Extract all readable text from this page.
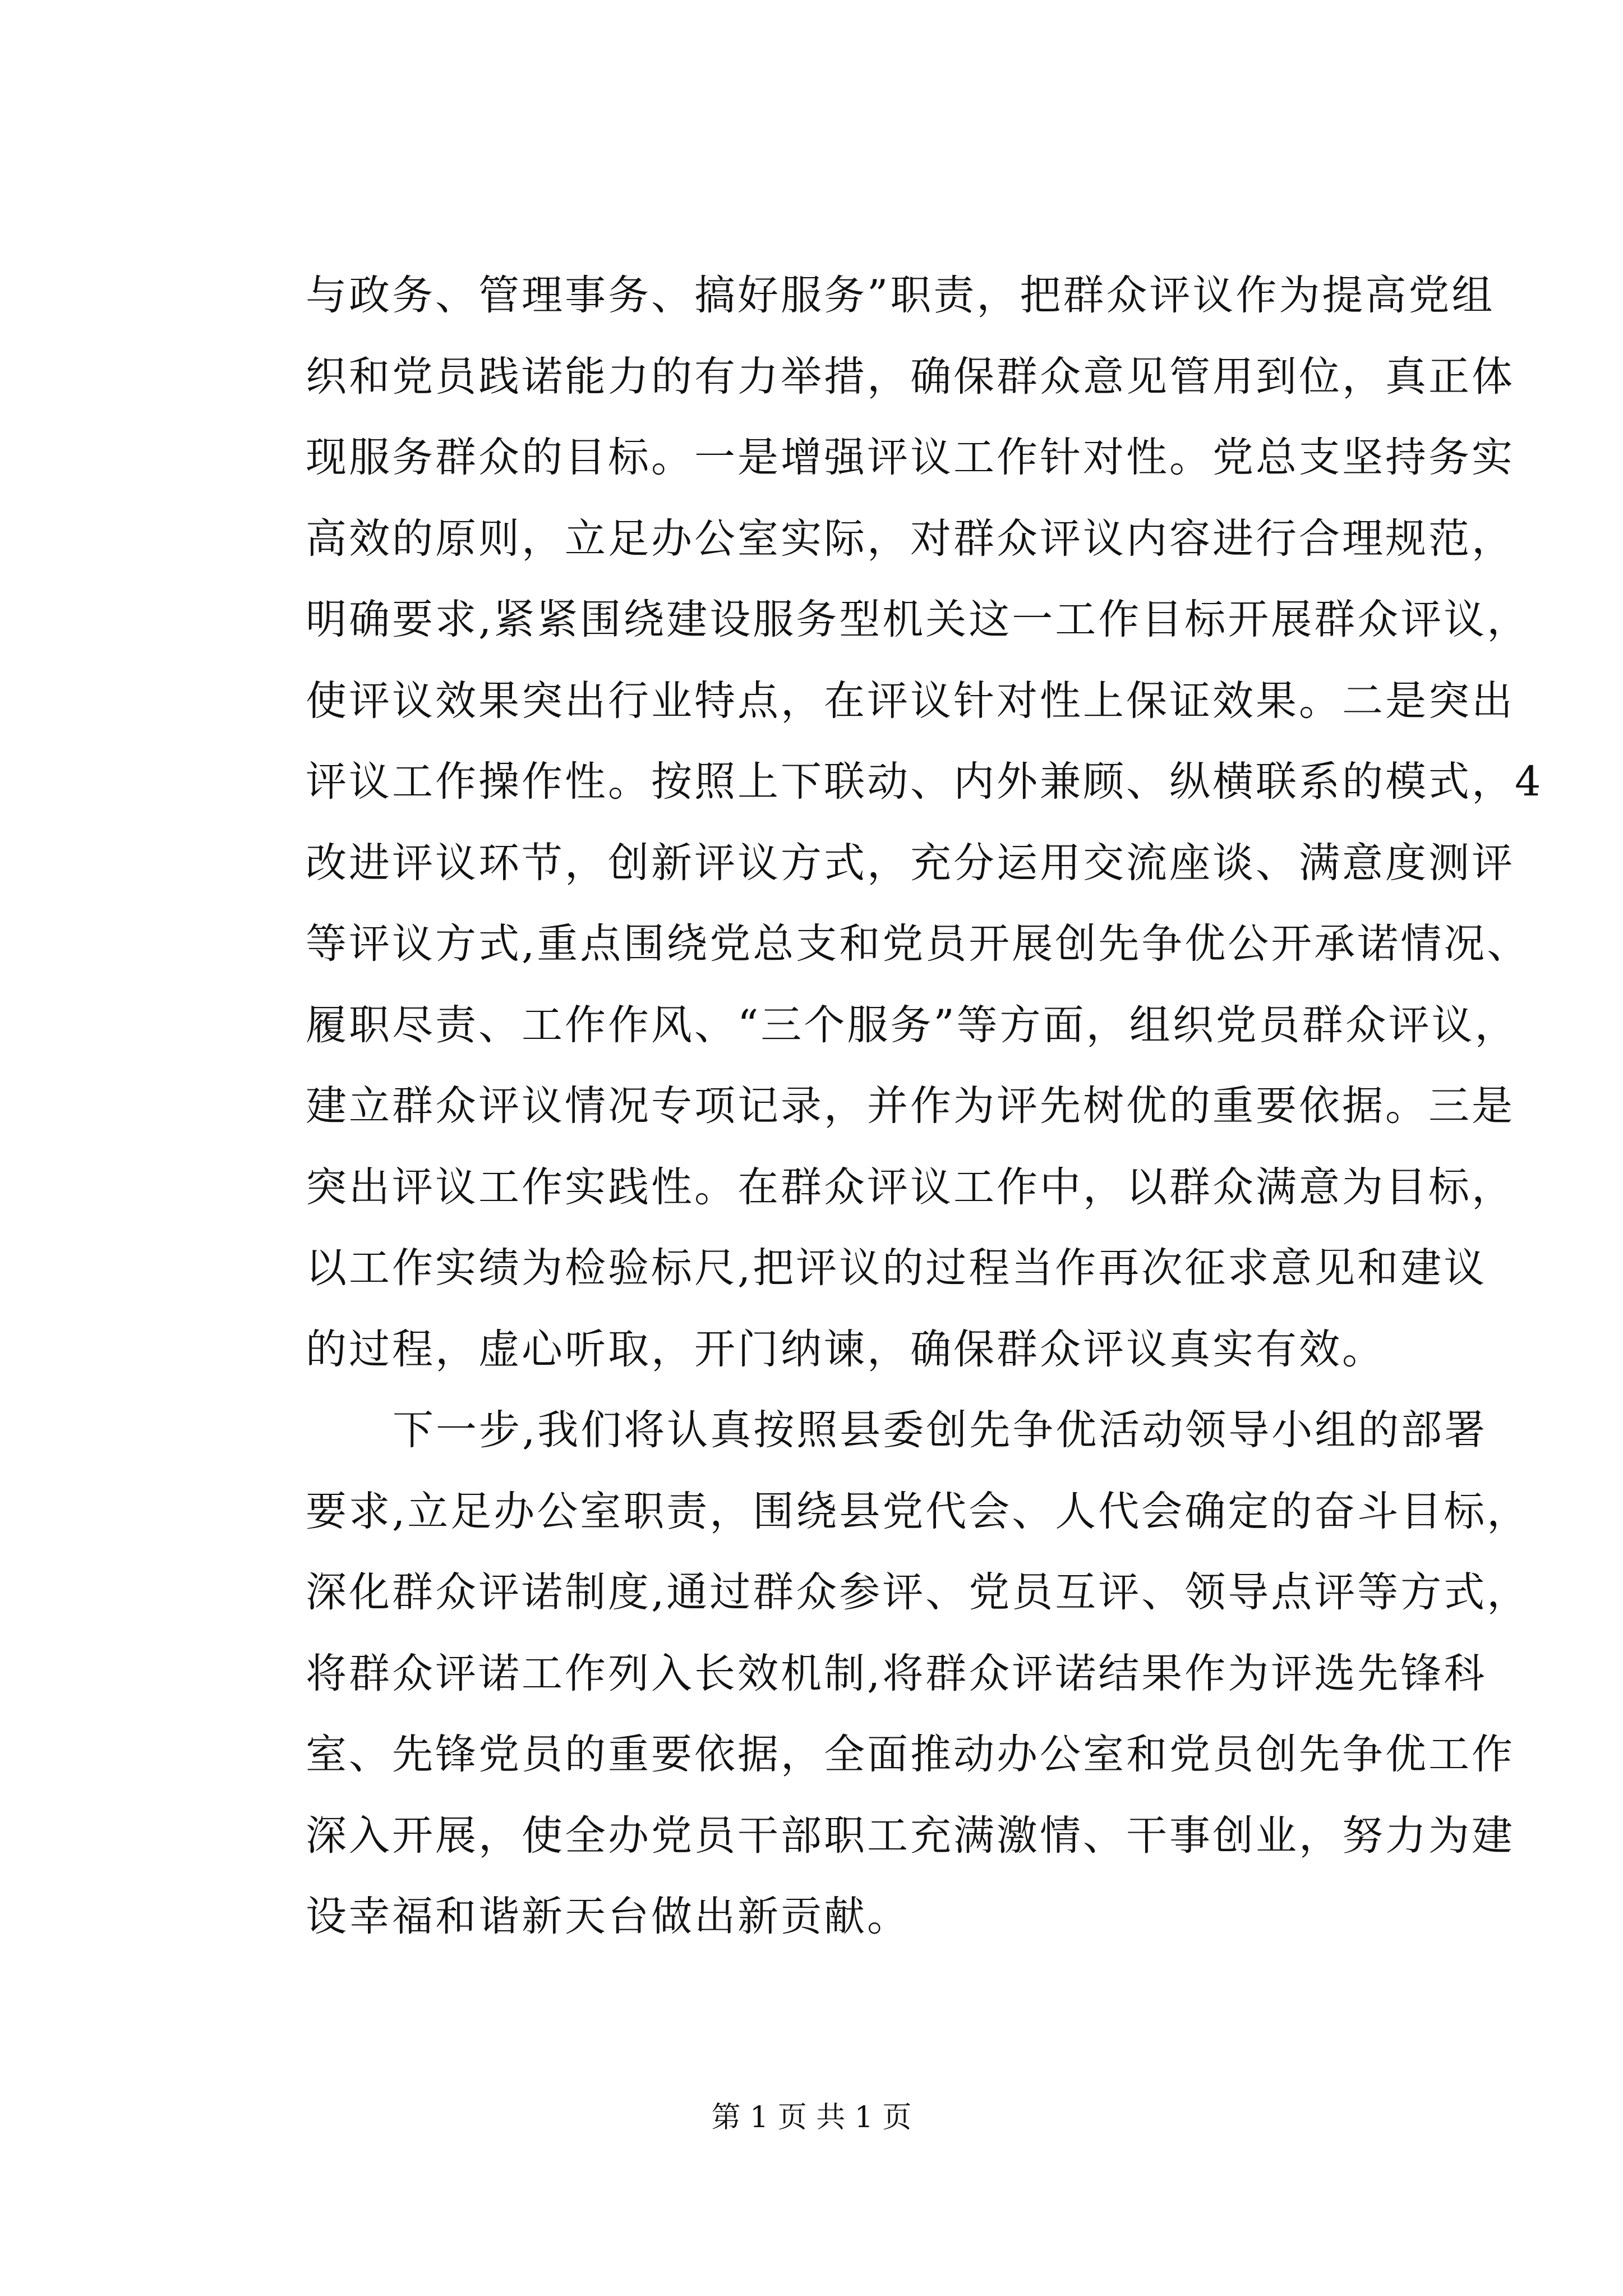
与政务、管理事务、搞好服务”职责，把群众评议作为提高党组
织和党员践诺能力的有力举措，确保群众意见管用到位，真正体
现服务群众的目标。一是增强评议工作针对性。党总支坚持务实
高效的原则，立足办公室实际，对群众评议内容进行合理规范，
明确要求,紧紧围绕建设服务型机关这一工作目标开展群众评议，
使评议效果突出行业特点，在评议针对性上保证效果。二是突出
评议工作操作性。按照上下联动、内外兼顾、纵横联系的模式，4
改进评议环节，创新评议方式，充分运用交流座谈、满意度测评
等评议方式,重点围绕党总支和党员开展创先争优公开承诺情况、
履职尽责、工作作风、“三个服务”等方面，组织党员群众评议，
建立群众评议情况专项记录，并作为评先树优的重要依据。三是
突出评议工作实践性。在群众评议工作中，以群众满意为目标，
以工作实绩为检验标尺,把评议的过程当作再次征求意见和建议
的过程，虚心听取，开门纳谏，确保群众评议真实有效。
下一步,我们将认真按照县委创先争优活动领导小组的部署
要求,立足办公室职责，围绕县党代会、人代会确定的奋斗目标，
深化群众评诺制度,通过群众参评、党员互评、领导点评等方式，
将群众评诺工作列入长效机制,将群众评诺结果作为评选先锋科
室、先锋党员的重要依据，全面推动办公室和党员创先争优工作
深入开展，使全办党员干部职工充满激情、干事创业，努力为建
设幸福和谐新天台做出新贡献。
第 1 页 共 1 页
